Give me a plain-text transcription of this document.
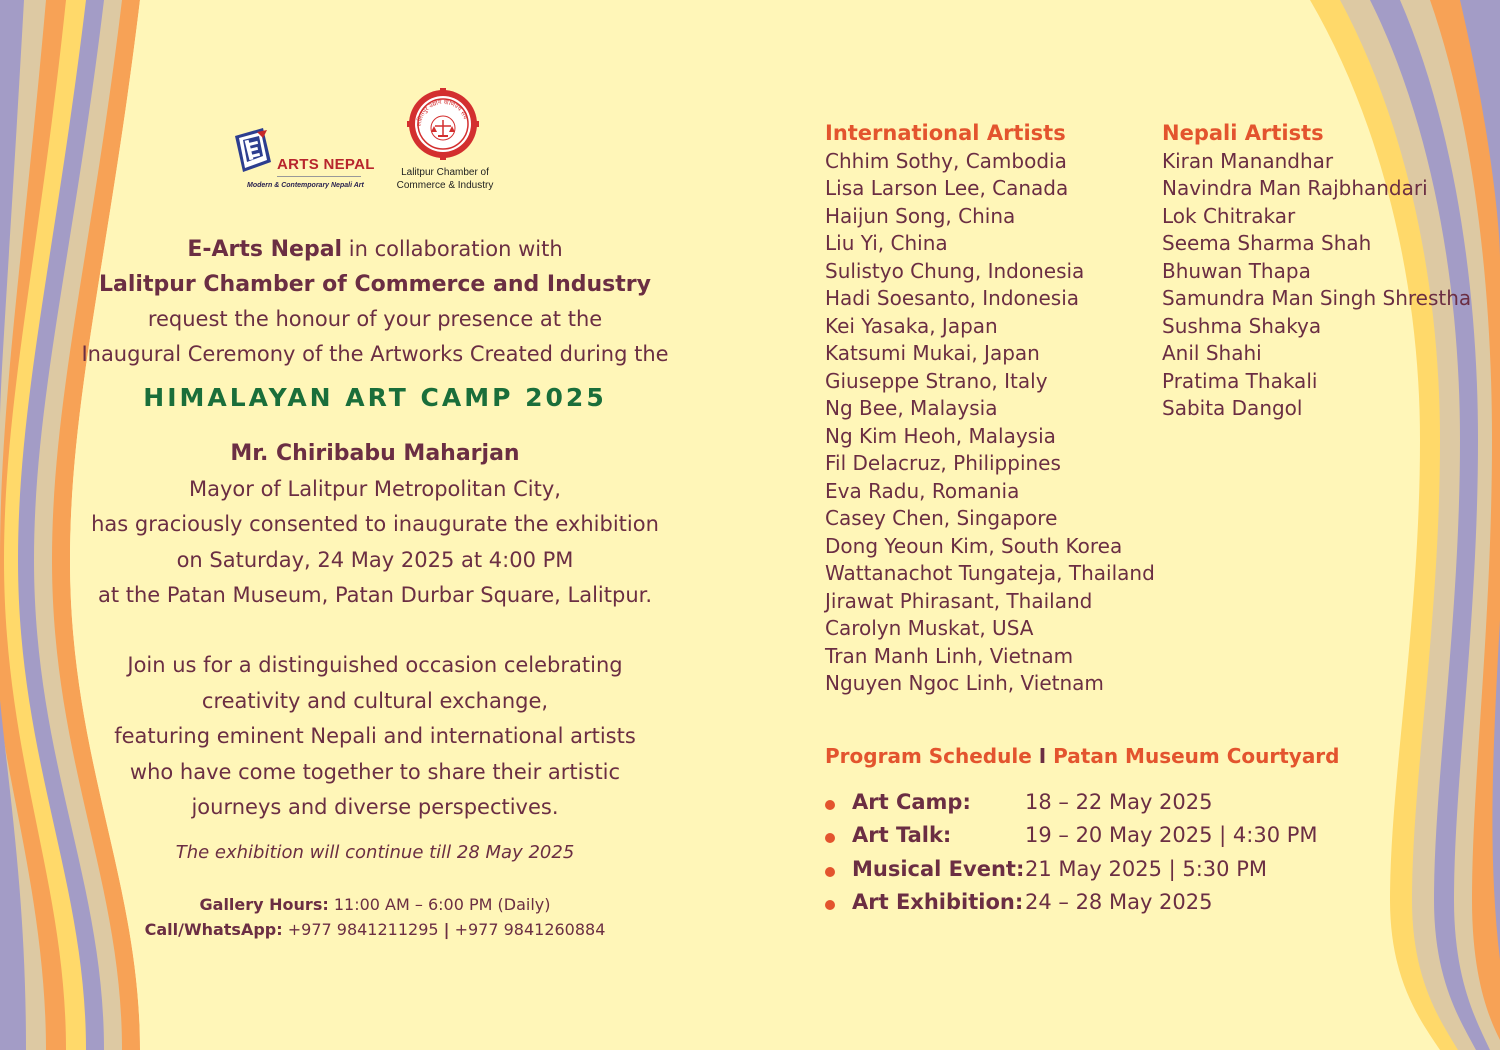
ARTS NEPAL
Modern & Contemporary Nepali Art
ललितपुर उद्योग वाणिज्य संघ
Lalitpur Chamber of
Commerce & Industry
E-Arts Nepal in collaboration with
Lalitpur Chamber of Commerce and Industry
request the honour of your presence at the
Inaugural Ceremony of the Artworks Created during the
HIMALAYAN ART CAMP 2025
Mr. Chiribabu Maharjan
Mayor of Lalitpur Metropolitan City,
has graciously consented to inaugurate the exhibition
on Saturday, 24 May 2025 at 4:00 PM
at the Patan Museum, Patan Durbar Square, Lalitpur.
Join us for a distinguished occasion celebrating
creativity and cultural exchange,
featuring eminent Nepali and international artists
who have come together to share their artistic
journeys and diverse perspectives.
The exhibition will continue till 28 May 2025
Gallery Hours: 11:00 AM – 6:00 PM (Daily)
Call/WhatsApp: +977 9841211295 | +977 9841260884
International Artists
Chhim Sothy, Cambodia
Lisa Larson Lee, Canada
Haijun Song, China
Liu Yi, China
Sulistyo Chung, Indonesia
Hadi Soesanto, Indonesia
Kei Yasaka, Japan
Katsumi Mukai, Japan
Giuseppe Strano, Italy
Ng Bee, Malaysia
Ng Kim Heoh, Malaysia
Fil Delacruz, Philippines
Eva Radu, Romania
Casey Chen, Singapore
Dong Yeoun Kim, South Korea
Wattanachot Tungateja, Thailand
Jirawat Phirasant, Thailand
Carolyn Muskat, USA
Tran Manh Linh, Vietnam
Nguyen Ngoc Linh, Vietnam
Nepali Artists
Kiran Manandhar
Navindra Man Rajbhandari
Lok Chitrakar
Seema Sharma Shah
Bhuwan Thapa
Samundra Man Singh Shrestha
Sushma Shakya
Anil Shahi
Pratima Thakali
Sabita Dangol
Program Schedule I Patan Museum Courtyard
Art Camp:	18 – 22 May 2025
Art Talk:	19 – 20 May 2025 | 4:30 PM
Musical Event: 21 May 2025 | 5:30 PM
Art Exhibition: 24 – 28 May 2025
